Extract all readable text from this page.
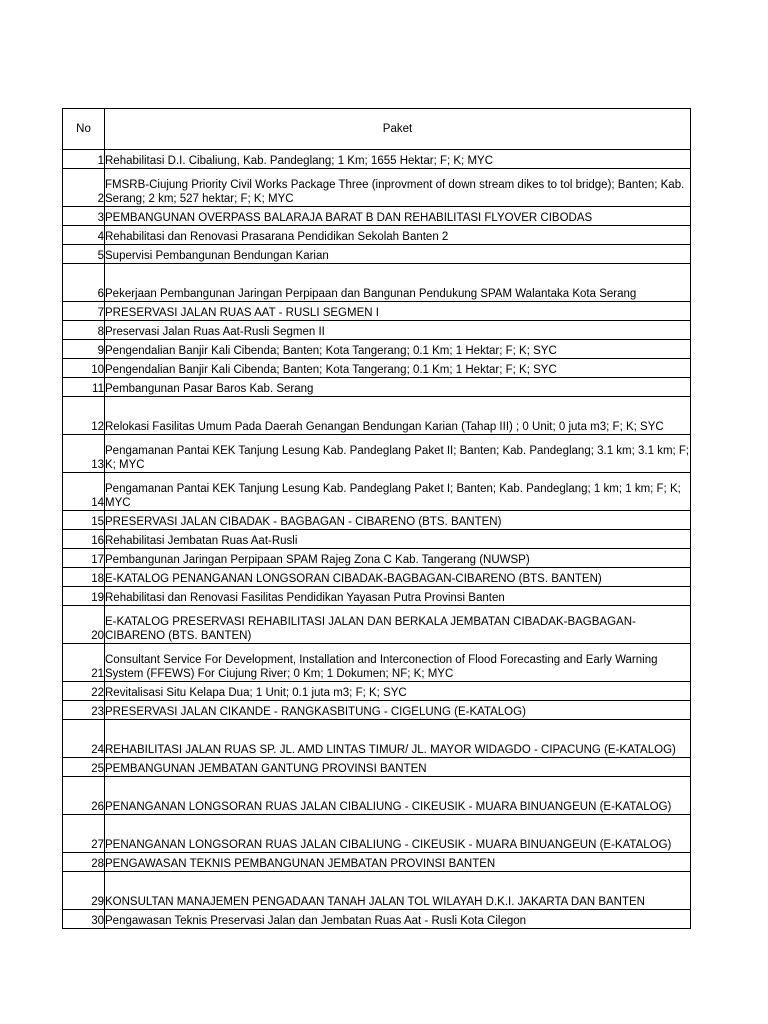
No	Paket
1	Rehabilitasi D.I. Cibaliung, Kab. Pandeglang; 1 Km; 1655 Hektar; F; K; MYC
2	FMSRB-Ciujung Priority Civil Works Package Three (inprovment of down stream dikes to tol bridge); Banten; Kab. Serang; 2 km; 527 hektar; F; K; MYC
3	PEMBANGUNAN OVERPASS BALARAJA BARAT B DAN REHABILITASI FLYOVER CIBODAS
4	Rehabilitasi dan Renovasi Prasarana Pendidikan Sekolah Banten 2
5	Supervisi Pembangunan Bendungan Karian
6	Pekerjaan Pembangunan Jaringan Perpipaan dan Bangunan Pendukung SPAM Walantaka Kota Serang
7	PRESERVASI JALAN RUAS AAT - RUSLI SEGMEN I
8	Preservasi Jalan Ruas Aat-Rusli Segmen II
9	Pengendalian Banjir Kali Cibenda; Banten; Kota Tangerang; 0.1 Km; 1 Hektar; F; K; SYC
10	Pengendalian Banjir Kali Cibenda; Banten; Kota Tangerang; 0.1 Km; 1 Hektar; F; K; SYC
11	Pembangunan Pasar Baros Kab. Serang
12	Relokasi Fasilitas Umum Pada Daerah Genangan Bendungan Karian (Tahap III) ; 0 Unit; 0 juta m3; F; K; SYC
13	Pengamanan Pantai KEK Tanjung Lesung Kab. Pandeglang Paket II; Banten; Kab. Pandeglang; 3.1 km; 3.1 km; F; K; MYC
14	Pengamanan Pantai KEK Tanjung Lesung Kab. Pandeglang Paket I; Banten; Kab. Pandeglang; 1 km; 1 km; F; K; MYC
15	PRESERVASI JALAN CIBADAK - BAGBAGAN - CIBARENO (BTS. BANTEN)
16	Rehabilitasi Jembatan Ruas Aat-Rusli
17	Pembangunan Jaringan Perpipaan SPAM Rajeg Zona C Kab. Tangerang (NUWSP)
18	E-KATALOG PENANGANAN LONGSORAN CIBADAK-BAGBAGAN-CIBARENO (BTS. BANTEN)
19	Rehabilitasi dan Renovasi Fasilitas Pendidikan Yayasan Putra Provinsi Banten
20	E-KATALOG PRESERVASI REHABILITASI JALAN DAN BERKALA JEMBATAN CIBADAK-BAGBAGAN-CIBARENO (BTS. BANTEN)
21	Consultant Service For Development, Installation and Interconection of Flood Forecasting and Early Warning System (FFEWS) For Ciujung River; 0 Km; 1 Dokumen; NF; K; MYC
22	Revitalisasi Situ Kelapa Dua; 1 Unit; 0.1 juta m3; F; K; SYC
23	PRESERVASI JALAN CIKANDE - RANGKASBITUNG - CIGELUNG (E-KATALOG)
24	REHABILITASI JALAN RUAS SP. JL. AMD LINTAS TIMUR/ JL. MAYOR WIDAGDO - CIPACUNG (E-KATALOG)
25	PEMBANGUNAN JEMBATAN GANTUNG PROVINSI BANTEN
26	PENANGANAN LONGSORAN RUAS JALAN CIBALIUNG - CIKEUSIK - MUARA BINUANGEUN (E-KATALOG)
27	PENANGANAN LONGSORAN RUAS JALAN CIBALIUNG - CIKEUSIK - MUARA BINUANGEUN (E-KATALOG)
28	PENGAWASAN TEKNIS PEMBANGUNAN JEMBATAN PROVINSI BANTEN
29	KONSULTAN MANAJEMEN PENGADAAN TANAH JALAN TOL WILAYAH D.K.I. JAKARTA DAN BANTEN
30	Pengawasan Teknis Preservasi Jalan dan Jembatan Ruas Aat - Rusli Kota Cilegon
